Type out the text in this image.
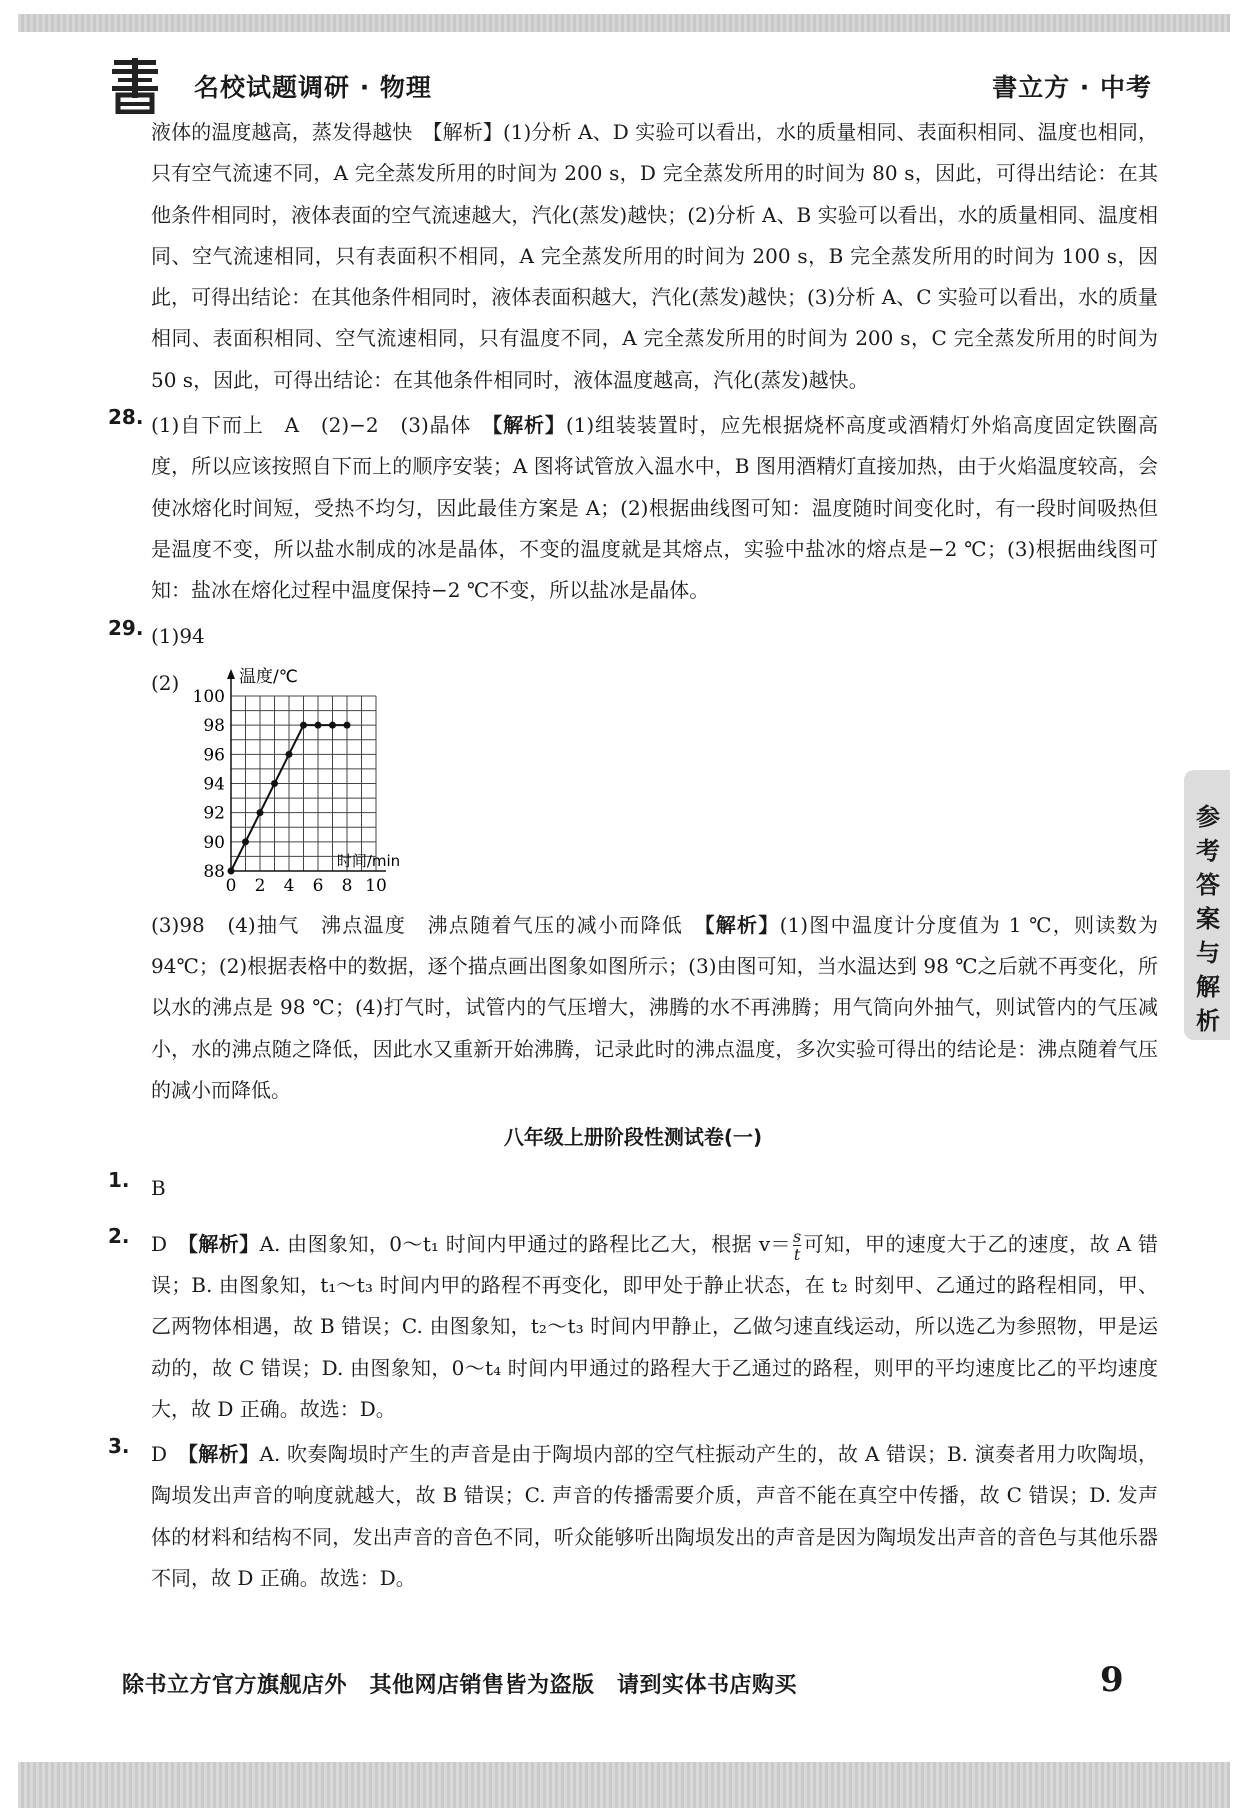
名校试题调研 · 物理	書立方 · 中考
参考答案与解析

液体的温度越高，蒸发得越快　【解析】(1)分析 A、D 实验可以看出，水的质量相同、表面积相同、温度也相同，只有空气流速不同，A 完全蒸发所用的时间为 200 s，D 完全蒸发所用的时间为 80 s，因此，可得出结论：在其他条件相同时，液体表面的空气流速越大，汽化(蒸发)越快；(2)分析 A、B 实验可以看出，水的质量相同、温度相同、空气流速相同，只有表面积不相同，A 完全蒸发所用的时间为 200 s，B 完全蒸发所用的时间为 100 s，因此，可得出结论：在其他条件相同时，液体表面积越大，汽化(蒸发)越快；(3)分析 A、C 实验可以看出，水的质量相同、表面积相同、空气流速相同，只有温度不同，A 完全蒸发所用的时间为 200 s，C 完全蒸发所用的时间为 50 s，因此，可得出结论：在其他条件相同时，液体温度越高，汽化(蒸发)越快。

28. (1)自下而上　A　(2)−2　(3)晶体　【解析】(1)组装装置时，应先根据烧杯高度或酒精灯外焰高度固定铁圈高度，所以应该按照自下而上的顺序安装；A 图将试管放入温水中，B 图用酒精灯直接加热，由于火焰温度较高，会使冰熔化时间短，受热不均匀，因此最佳方案是 A；(2)根据曲线图可知：温度随时间变化时，有一段时间吸热但是温度不变，所以盐水制成的冰是晶体，不变的温度就是其熔点，实验中盐冰的熔点是−2 ℃；(3)根据曲线图可知：盐冰在熔化过程中温度保持−2 ℃不变，所以盐冰是晶体。

29. (1)94

(2)
88
90
92
94
96
98
100
0 2 4 6 8 10
温度/℃
时间/min

(3)98　(4)抽气　沸点温度　沸点随着气压的减小而降低　【解析】(1)图中温度计分度值为 1 ℃，则读数为 94℃；(2)根据表格中的数据，逐个描点画出图象如图所示；(3)由图可知，当水温达到 98 ℃之后就不再变化，所以水的沸点是 98 ℃；(4)打气时，试管内的气压增大，沸腾的水不再沸腾；用气筒向外抽气，则试管内的气压减小，水的沸点随之降低，因此水又重新开始沸腾，记录此时的沸点温度，多次实验可得出的结论是：沸点随着气压的减小而降低。

八年级上册阶段性测试卷(一)
1. B

2. D　【解析】A. 由图象知，0～t₁ 时间内甲通过的路程比乙大，根据 $v= \frac{s}{t}$ 可知，甲的速度大于乙的速度，故 A 错误；B. 由图象知，t₁～t₃ 时间内甲的路程不再变化，即甲处于静止状态，在 t₂ 时刻甲、乙通过的路程相同，甲、乙两物体相遇，故 B 错误；C. 由图象知，t₂～t₃ 时间内甲静止，乙做匀速直线运动，所以选乙为参照物，甲是运动的，故 C 错误；D. 由图象知，0～t₄ 时间内甲通过的路程大于乙通过的路程，则甲的平均速度比乙的平均速度大，故 D 正确。故选：D。

3. D　【解析】A. 吹奏陶埙时产生的声音是由于陶埙内部的空气柱振动产生的，故 A 错误；B. 演奏者用力吹陶埙，陶埙发出声音的响度就越大，故 B 错误；C. 声音的传播需要介质，声音不能在真空中传播，故 C 错误；D. 发声体的材料和结构不同，发出声音的音色不同，听众能够听出陶埙发出的声音是因为陶埙发出声音的音色与其他乐器不同，故 D 正确。故选：D。

除书立方官方旗舰店外　其他网店销售皆为盗版　请到实体书店购买	9
